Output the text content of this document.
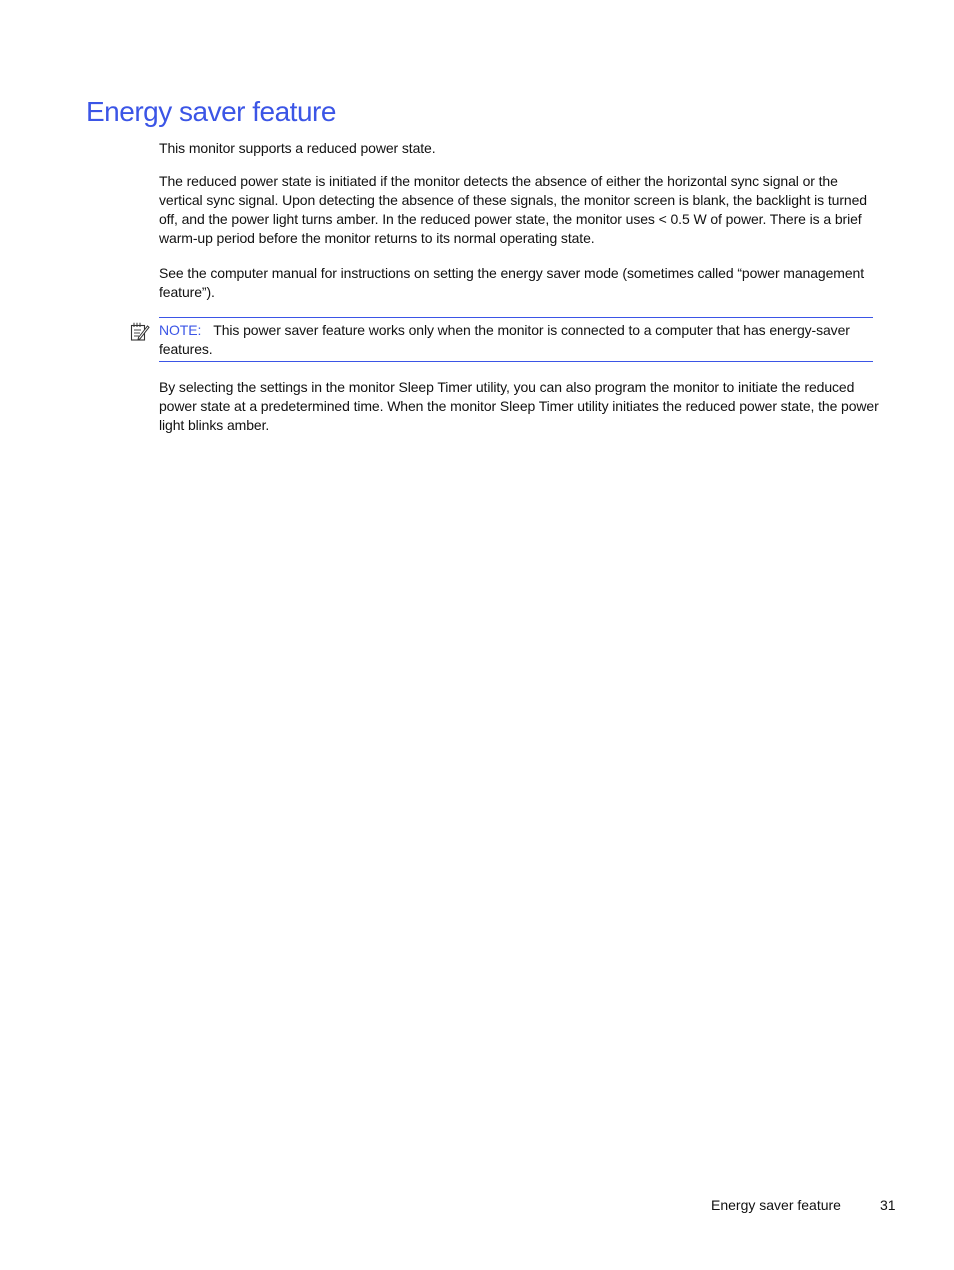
Energy saver feature

This monitor supports a reduced power state.

The reduced power state is initiated if the monitor detects the absence of either the horizontal sync signal or the vertical sync signal. Upon detecting the absence of these signals, the monitor screen is blank, the backlight is turned off, and the power light turns amber. In the reduced power state, the monitor uses < 0.5 W of power. There is a brief warm-up period before the monitor returns to its normal operating state.

See the computer manual for instructions on setting the energy saver mode (sometimes called “power management feature”).

NOTE: This power saver feature works only when the monitor is connected to a computer that has energy-saver features.

By selecting the settings in the monitor Sleep Timer utility, you can also program the monitor to initiate the reduced power state at a predetermined time. When the monitor Sleep Timer utility initiates the reduced power state, the power light blinks amber.

Energy saver feature	31
